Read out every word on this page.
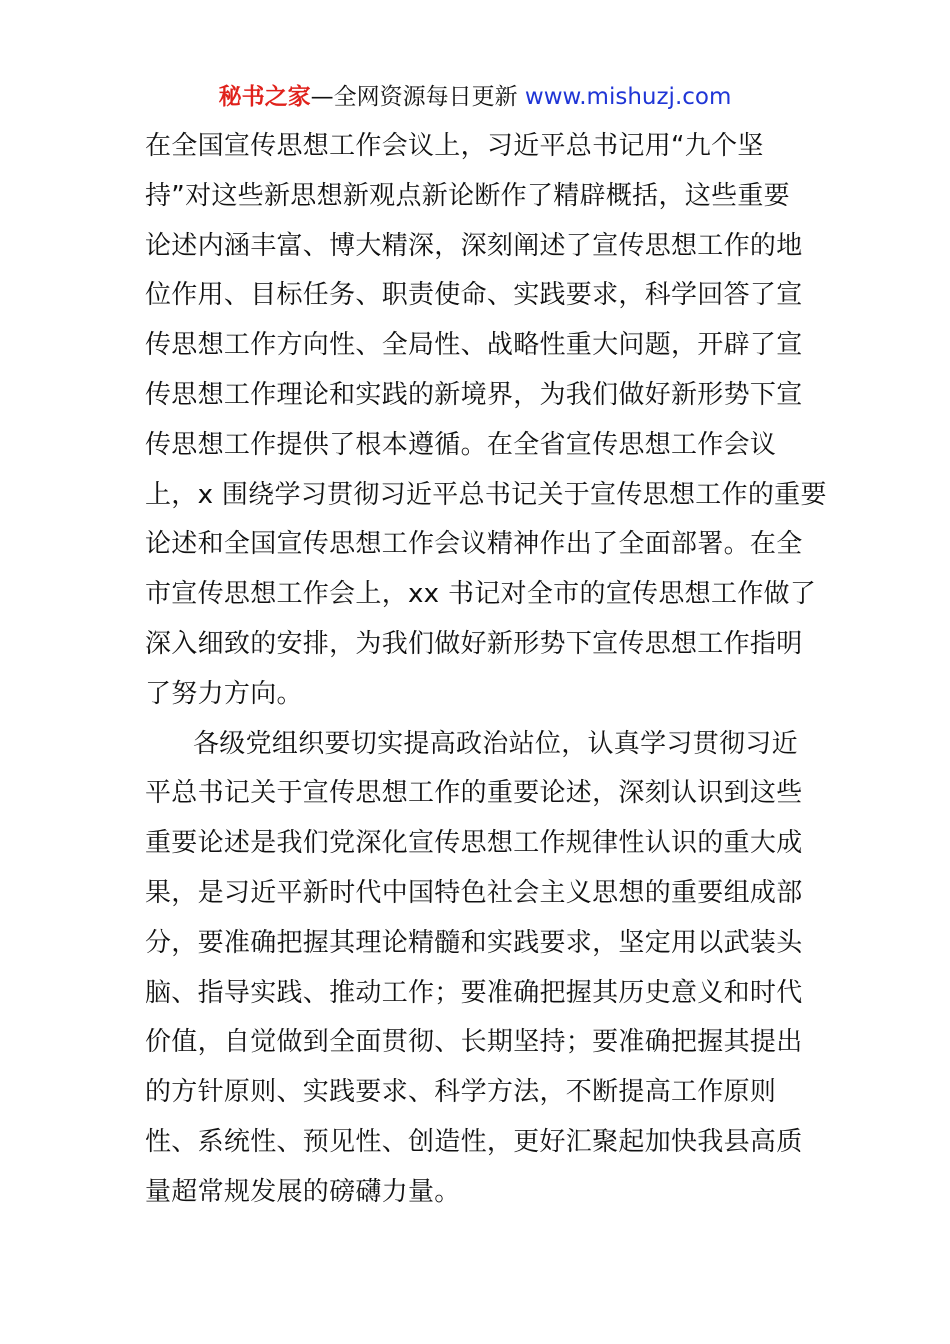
秘书之家—全网资源每日更新 www.mishuzj.com
在全国宣传思想工作会议上，习近平总书记用“九个坚
持”对这些新思想新观点新论断作了精辟概括，这些重要
论述内涵丰富、博大精深，深刻阐述了宣传思想工作的地
位作用、目标任务、职责使命、实践要求，科学回答了宣
传思想工作方向性、全局性、战略性重大问题，开辟了宣
传思想工作理论和实践的新境界，为我们做好新形势下宣
传思想工作提供了根本遵循。在全省宣传思想工作会议
上，x 围绕学习贯彻习近平总书记关于宣传思想工作的重要
论述和全国宣传思想工作会议精神作出了全面部署。在全
市宣传思想工作会上，xx 书记对全市的宣传思想工作做了
深入细致的安排，为我们做好新形势下宣传思想工作指明
了努力方向。
各级党组织要切实提高政治站位，认真学习贯彻习近
平总书记关于宣传思想工作的重要论述，深刻认识到这些
重要论述是我们党深化宣传思想工作规律性认识的重大成
果，是习近平新时代中国特色社会主义思想的重要组成部
分，要准确把握其理论精髓和实践要求，坚定用以武装头
脑、指导实践、推动工作；要准确把握其历史意义和时代
价值，自觉做到全面贯彻、长期坚持；要准确把握其提出
的方针原则、实践要求、科学方法，不断提高工作原则
性、系统性、预见性、创造性，更好汇聚起加快我县高质
量超常规发展的磅礴力量。
